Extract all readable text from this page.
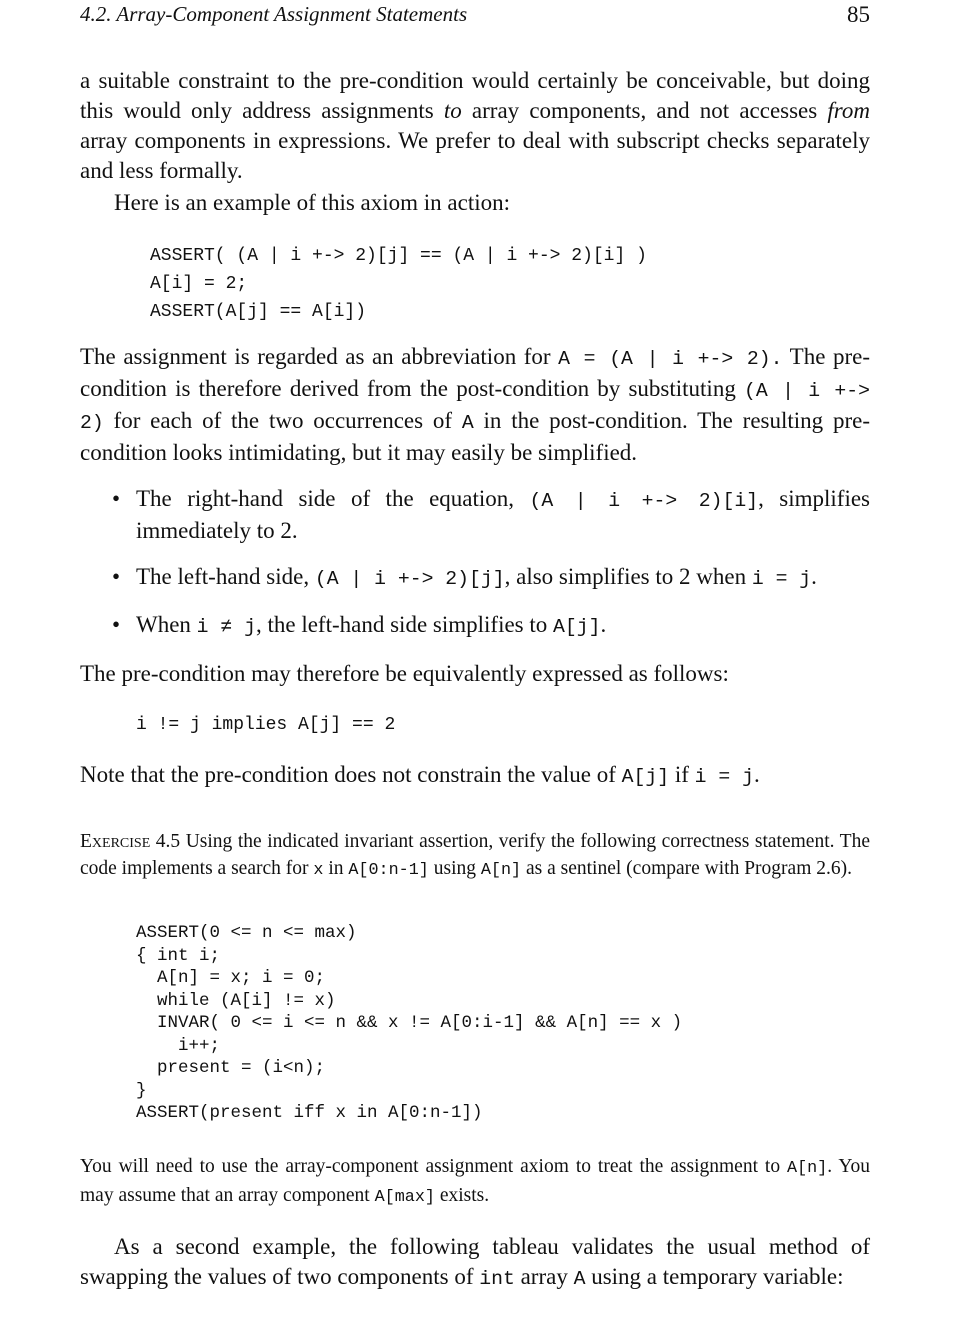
4.2. Array-Component Assignment Statements	85

a suitable constraint to the pre-condition would certainly be conceivable, but doing this would only address assignments to array components, and not accesses from array components in expressions. We prefer to deal with subscript checks separately and less formally.

Here is an example of this axiom in action:

ASSERT( (A | i +-> 2)[j] == (A | i +-> 2)[i] )
A[i] = 2;
ASSERT(A[j] == A[i])

The assignment is regarded as an abbreviation for A = (A | i +-> 2). The pre-condition is therefore derived from the post-condition by substituting (A | i +-> 2) for each of the two occurrences of A in the post-condition. The resulting pre-condition looks intimidating, but it may easily be simplified.

• The right-hand side of the equation, (A | i +-> 2)[i], simplifies immediately to 2.
• The left-hand side, (A | i +-> 2)[j], also simplifies to 2 when i = j.
• When i ≠ j, the left-hand side simplifies to A[j].

The pre-condition may therefore be equivalently expressed as follows:

i != j implies A[j] == 2

Note that the pre-condition does not constrain the value of A[j] if i = j.

Exercise 4.5 Using the indicated invariant assertion, verify the following correctness statement. The code implements a search for x in A[0:n-1] using A[n] as a sentinel (compare with Program 2.6).

ASSERT(0 <= n <= max)
{ int i;
A[n] = x; i = 0;
while (A[i] != x)
INVAR( 0 <= i <= n && x != A[0:i-1] && A[n] == x )
i++;
present = (i<n);
}
ASSERT(present iff x in A[0:n-1])

You will need to use the array-component assignment axiom to treat the assignment to A[n]. You may assume that an array component A[max] exists.

As a second example, the following tableau validates the usual method of swapping the values of two components of int array A using a temporary variable:
